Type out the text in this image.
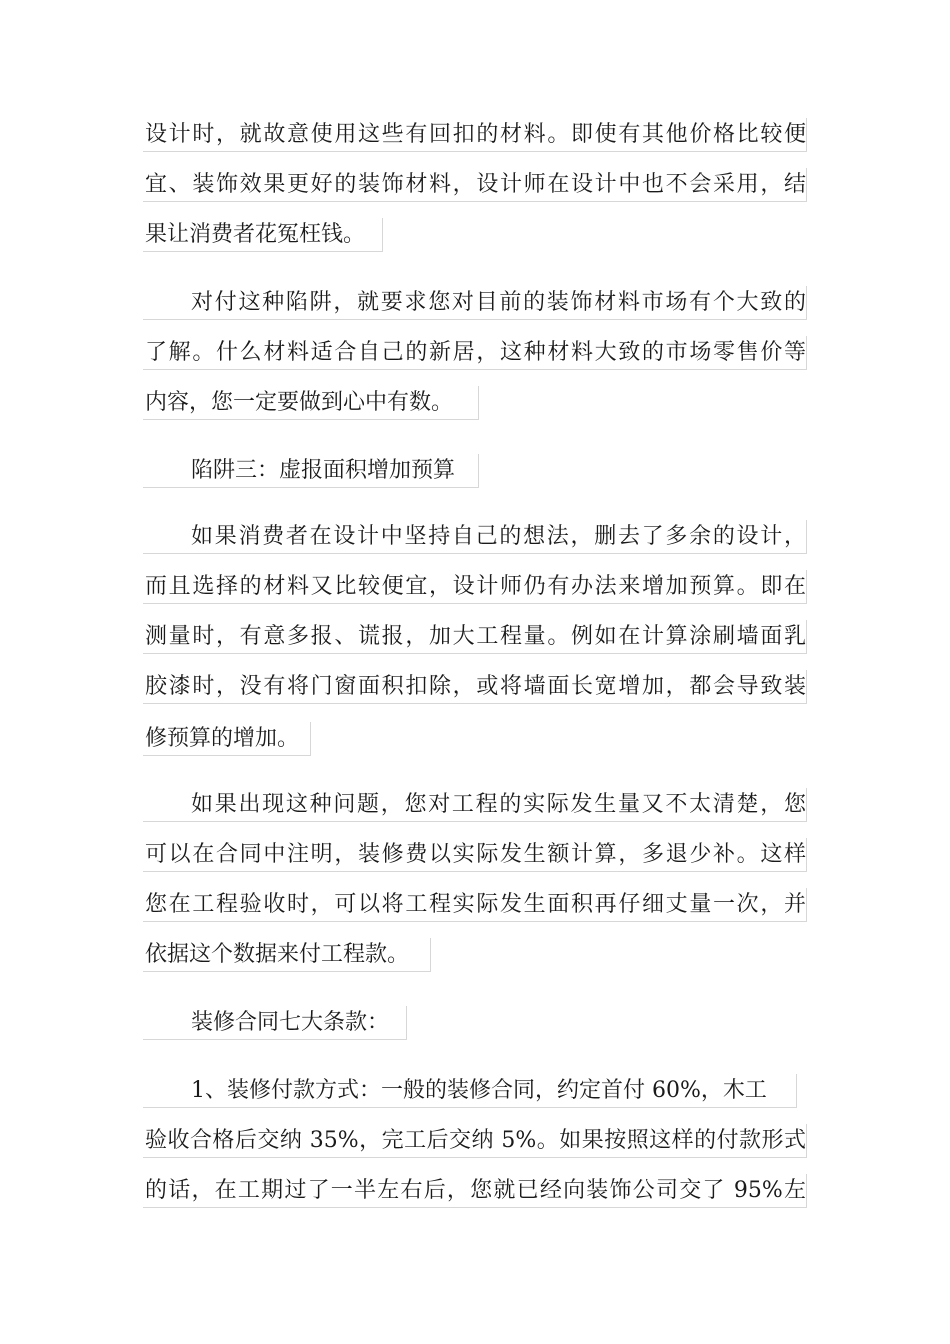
设计时，就故意使用这些有回扣的材料。即使有其他价格比较便
宜、装饰效果更好的装饰材料，设计师在设计中也不会采用，结
果让消费者花冤枉钱。
对付这种陷阱，就要求您对目前的装饰材料市场有个大致的
了解。什么材料适合自己的新居，这种材料大致的市场零售价等
内容，您一定要做到心中有数。
陷阱三：虚报面积增加预算
如果消费者在设计中坚持自己的想法，删去了多余的设计，
而且选择的材料又比较便宜，设计师仍有办法来增加预算。即在
测量时，有意多报、谎报，加大工程量。例如在计算涂刷墙面乳
胶漆时，没有将门窗面积扣除，或将墙面长宽增加，都会导致装
修预算的增加。
如果出现这种问题，您对工程的实际发生量又不太清楚，您
可以在合同中注明，装修费以实际发生额计算，多退少补。这样
您在工程验收时，可以将工程实际发生面积再仔细丈量一次，并
依据这个数据来付工程款。
装修合同七大条款：
1、装修付款方式：一般的装修合同，约定首付 60%，木工
验收合格后交纳 35%，完工后交纳 5%。如果按照这样的付款形式
的话，在工期过了一半左右后，您就已经向装饰公司交了 95%左
